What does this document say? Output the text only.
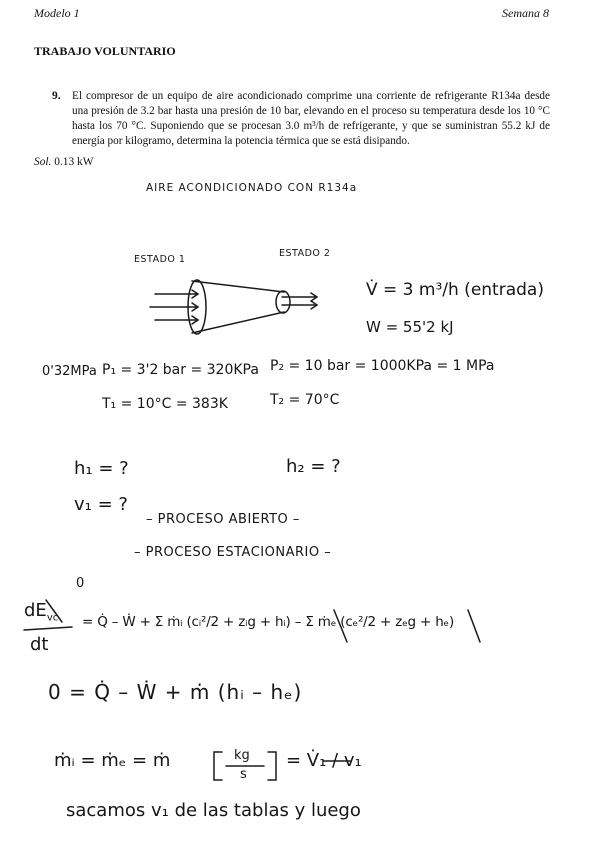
Modelo 1	Semana 8
TRABAJO VOLUNTARIO
9. El compresor de un equipo de aire acondicionado comprime una corriente de refrigerante R134a desde una presión de 3.2 bar hasta una presión de 10 bar, elevando en el proceso su temperatura desde los 10 °C hasta los 70 °C. Suponiendo que se procesan 3.0 m³/h de refrigerante, y que se suministran 55.2 kJ de energía por kilogramo, determina la potencia térmica que se está disipando.
Sol. 0.13 kW
AIRE ACONDICIONADO CON R134a
ESTADO 1
ESTADO 2
V̇ = 3 m³/h (entrada)
W = 55'2 kJ
0'32MPa P₁ = 3'2 bar = 320KPa P₂ = 10 bar = 1000KPa = 1 MPa
T₁ = 10°C = 383K	T₂ = 70°C
h₁ = ?	h₂ = ?
v₁ = ?
– PROCESO ABIERTO –
– PROCESO ESTACIONARIO –
0
$dE_{vc}$
dt
= Q̇ – Ẇ + Σ ṁᵢ (cᵢ²/2 + zᵢg + hᵢ) – Σ ṁₑ (cₑ²/2 + zₑg + hₑ)
0 = Q̇ – Ẇ + ṁ (hᵢ – hₑ)
ṁᵢ = ṁₑ = ṁ	kg
s
= V̇₁ / v₁
sacamos v₁ de las tablas y luego
